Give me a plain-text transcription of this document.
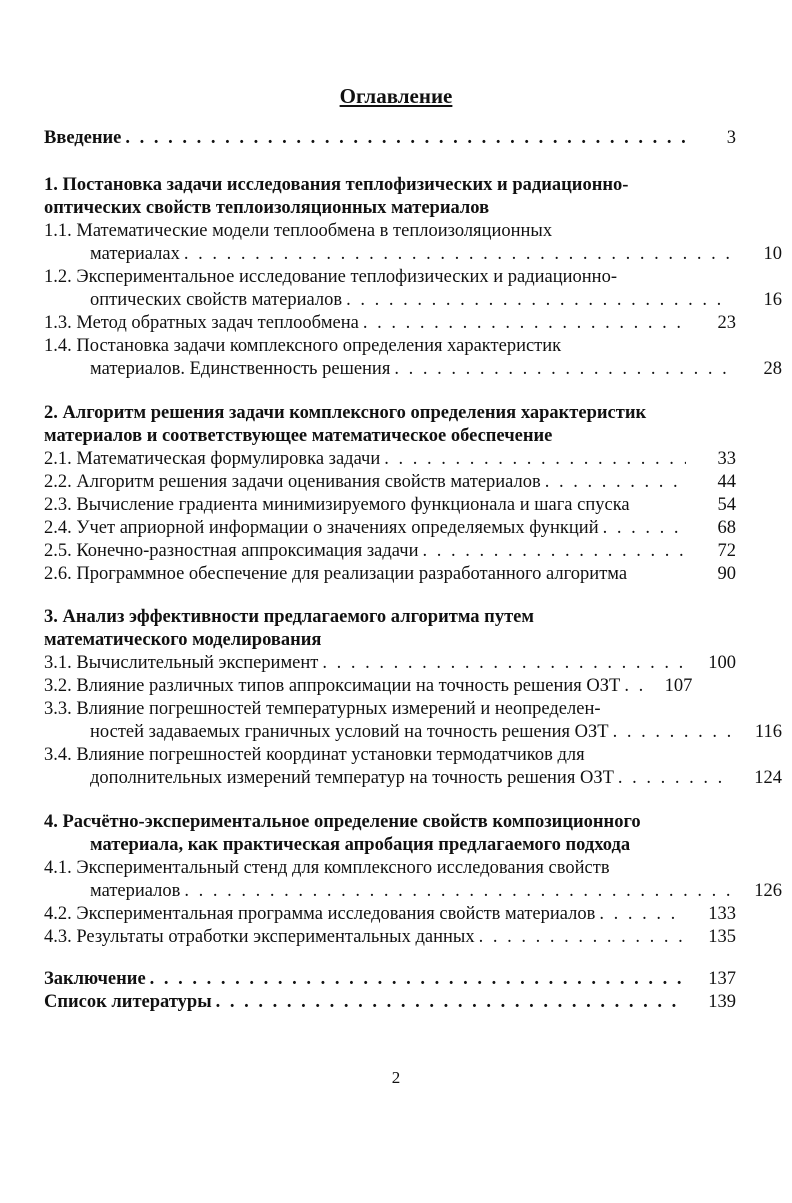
Оглавление
Введение . . .	3
1. Постановка задачи исследования теплофизических и радиационно-
оптических свойств теплоизоляционных материалов
1.1. Математические модели теплообмена в теплоизоляционных
материалах . . .	10
1.2. Экспериментальное исследование теплофизических и радиационно-
оптических свойств материалов . . .	16
1.3. Метод обратных задач теплообмена . . .	23
1.4. Постановка задачи комплексного определения характеристик
материалов. Единственность решения . . .	28
2. Алгоритм решения задачи комплексного определения характеристик
материалов и соответствующее математическое обеспечение
2.1. Математическая формулировка задачи . . .	33
2.2. Алгоритм решения задачи оценивания свойств материалов . . .	44
2.3. Вычисление градиента минимизируемого функционала и шага спуска	54
2.4. Учет априорной информации о значениях определяемых функций . . .	68
2.5. Конечно-разностная аппроксимация задачи . . .	72
2.6. Программное обеспечение для реализации разработанного алгоритма	90
3. Анализ эффективности предлагаемого алгоритма путем
математического моделирования
3.1. Вычислительный эксперимент . . .	100
3.2. Влияние различных типов аппроксимации на точность решения ОЗТ . . .	107
3.3. Влияние погрешностей температурных измерений и неопределен-
ностей задаваемых граничных условий на точность решения ОЗТ . . .	116
3.4. Влияние погрешностей координат установки термодатчиков для
дополнительных измерений температур на точность решения ОЗТ . . .	124
4. Расчётно-экспериментальное определение свойств композиционного
материала, как практическая апробация предлагаемого подхода
4.1. Экспериментальный стенд для комплексного исследования свойств
материалов . . .	126
4.2. Экспериментальная программа исследования свойств материалов . . .	133
4.3. Результаты отработки экспериментальных данных . . .	135
Заключение . . .	137
Список литературы . . .	139
2
